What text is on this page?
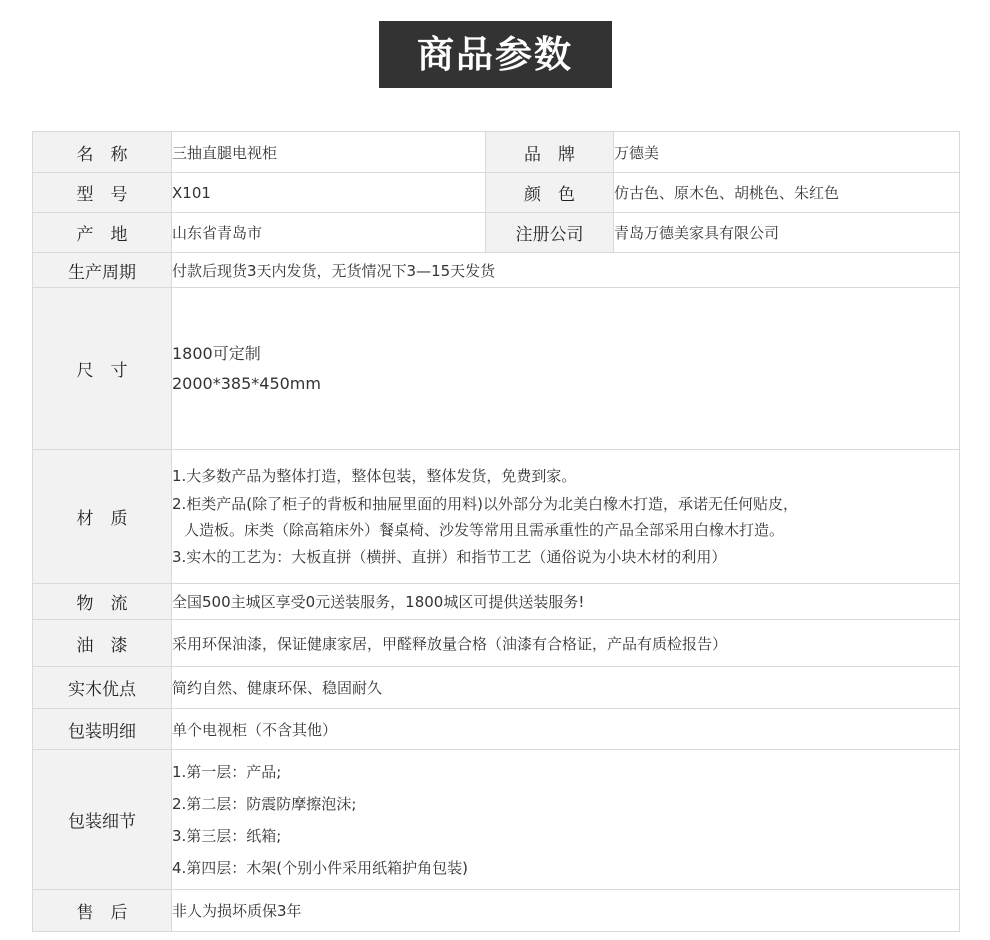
商品参数
名　称	三抽直腿电视柜	品　牌	万德美
型　号	X101	颜　色	仿古色、原木色、胡桃色、朱红色
产　地	山东省青岛市	注册公司	青岛万德美家具有限公司
生产周期	付款后现货3天内发货，无货情况下3—15天发货		
尺　寸	1800可定制
2000*385*450mm		

材　质	1.大多数产品为整体打造，整体包装，整体发货，免费到家。
2.柜类产品(除了柜子的背板和抽屉里面的用料)以外部分为北美白橡木打造，承诺无任何贴皮，
人造板。床类（除高箱床外）餐桌椅、沙发等常用且需承重性的产品全部采用白橡木打造。
3.实木的工艺为：大板直拼（横拼、直拼）和指节工艺（通俗说为小块木材的利用）		

物　流	全国500主城区享受0元送装服务，1800城区可提供送装服务!		
油　漆	采用环保油漆，保证健康家居，甲醛释放量合格（油漆有合格证，产品有质检报告）		
实木优点	简约自然、健康环保、稳固耐久		
包装明细	单个电视柜（不含其他）		
包装细节	1.第一层：产品;
2.第二层：防震防摩擦泡沫;
3.第三层：纸箱;
4.第四层：木架(个别小件采用纸箱护角包装)		

售　后	非人为损坏质保3年		
